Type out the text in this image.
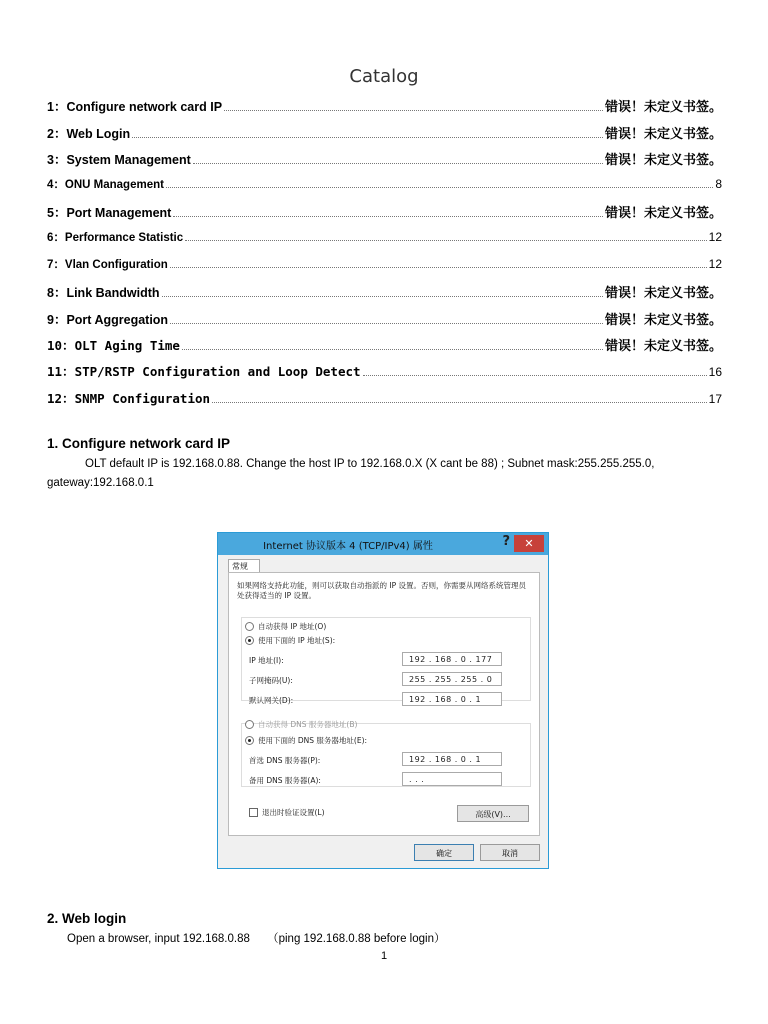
Catalog
1： Configure network card IP	错误！未定义书签。
2： Web Login	错误！未定义书签。
3： System Management	错误！未定义书签。
4： ONU Management	8
5： Port Management	错误！未定义书签。
6： Performance Statistic	12
7： Vlan Configuration	12
8： Link Bandwidth	错误！未定义书签。
9： Port Aggregation	错误！未定义书签。
10： OLT Aging Time	错误！未定义书签。
11： STP/RSTP Configuration and Loop Detect	16
12： SNMP Configuration	17
1. Configure network card IP
OLT default IP is 192.168.0.88. Change the host IP to 192.168.0.X (X cant be 88) ; Subnet mask:255.255.255.0, gateway:192.168.0.1
Internet 协议版本 4 (TCP/IPv4) 属性	?	✕
常规
如果网络支持此功能，则可以获取自动指派的 IP 设置。否则，你需要从网络系统管理员处获得适当的 IP 设置。
自动获得 IP 地址(O)
使用下面的 IP 地址(S):
IP 地址(I):	192 . 168 . 0 . 177
子网掩码(U):	255 . 255 . 255 . 0
默认网关(D):	192 . 168 . 0 . 1
自动获得 DNS 服务器地址(B)
使用下面的 DNS 服务器地址(E):
首选 DNS 服务器(P):	192 . 168 . 0 . 1
备用 DNS 服务器(A):	. . .
退出时验证设置(L)	高级(V)...
确定	取消
2. Web login
Open a browser, input 192.168.0.88　　（ping 192.168.0.88 before login）
1
